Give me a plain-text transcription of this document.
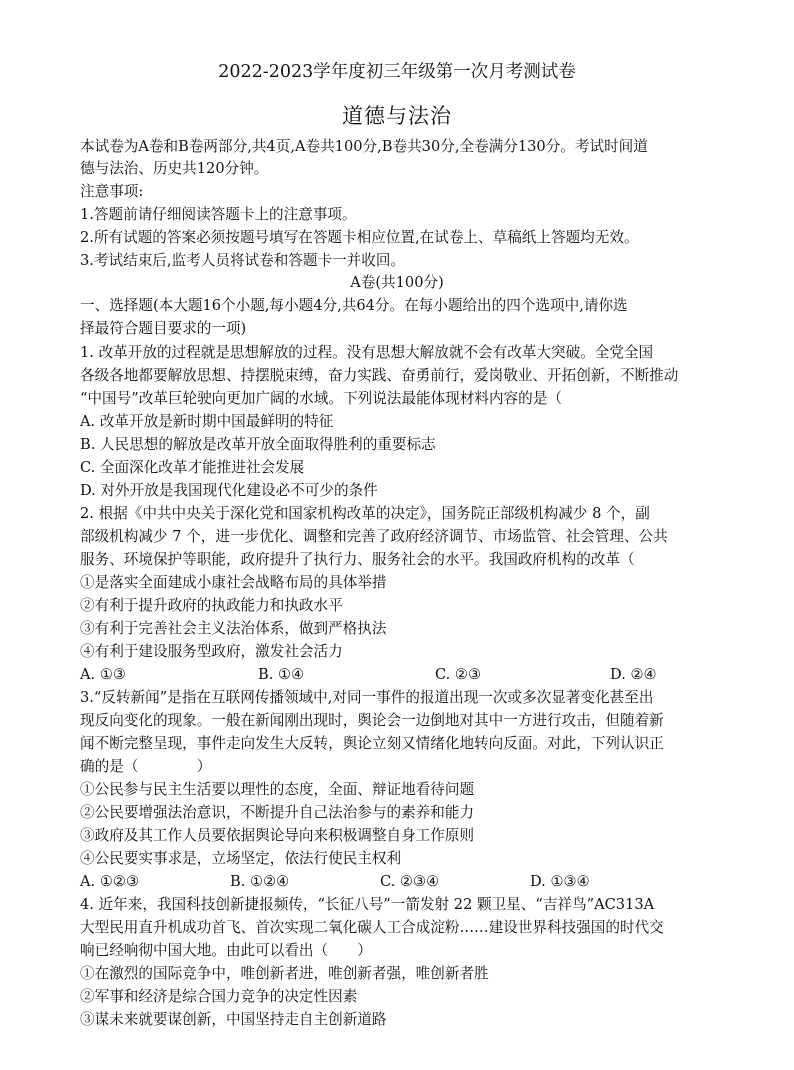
2022-2023学年度初三年级第一次月考测试卷
道德与法治
本试卷为A卷和B卷两部分,共4页,A卷共100分,B卷共30分,全卷满分130分。考试时间道
德与法治、历史共120分钟。
注意事项:
1.答题前请仔细阅读答题卡上的注意事项。
2.所有试题的答案必须按题号填写在答题卡相应位置,在试卷上、草稿纸上答题均无效。
3.考试结束后,监考人员将试卷和答题卡一并收回。
A卷(共100分)
一、选择题(本大题16个小题,每小题4分,共64分。在每小题给出的四个选项中,请你选
择最符合题目要求的一项)
1. 改革开放的过程就是思想解放的过程。没有思想大解放就不会有改革大突破。全党全国
各级各地都要解放思想、持摆脱束缚，奋力实践、奋勇前行，爱岗敬业、开拓创新，不断推动
“中国号”改革巨轮驶向更加广阔的水域。下列说法最能体现材料内容的是（
A. 改革开放是新时期中国最鲜明的特征
B. 人民思想的解放是改革开放全面取得胜利的重要标志
C. 全面深化改革才能推进社会发展
D. 对外开放是我国现代化建设必不可少的条件
2. 根据《中共中央关于深化党和国家机构改革的决定》，国务院正部级机构减少 8 个，副
部级机构减少 7 个，进一步优化、调整和完善了政府经济调节、市场监管、社会管理、公共
服务、环境保护等职能，政府提升了执行力、服务社会的水平。我国政府机构的改革（
①是落实全面建成小康社会战略布局的具体举措
②有利于提升政府的执政能力和执政水平
③有利于完善社会主义法治体系，做到严格执法
④有利于建设服务型政府，激发社会活力
A. ①③	B. ①④	C. ②③	D. ②④
3.“反转新闻”是指在互联网传播领域中,对同一事件的报道出现一次或多次显著变化甚至出
现反向变化的现象。一般在新闻刚出现时，舆论会一边倒地对其中一方进行攻击，但随着新
闻不断完整呈现，事件走向发生大反转，舆论立刻又情绪化地转向反面。对此，下列认识正
确的是（　　　　）
①公民参与民主生活要以理性的态度，全面、辩证地看待问题
②公民要增强法治意识，不断提升自己法治参与的素养和能力
③政府及其工作人员要依据舆论导向来积极调整自身工作原则
④公民要实事求是，立场坚定，依法行使民主权利
A. ①②③	B. ①②④	C. ②③④	D. ①③④
4. 近年来，我国科技创新捷报频传，“长征八号”一箭发射 22 颗卫星、“吉祥鸟”AC313A
大型民用直升机成功首飞、首次实现二氧化碳人工合成淀粉……建设世界科技强国的时代交
响已经响彻中国大地。由此可以看出（　　）
①在激烈的国际竞争中，唯创新者进，唯创新者强，唯创新者胜
②军事和经济是综合国力竞争的决定性因素
③谋未来就要谋创新，中国坚持走自主创新道路
